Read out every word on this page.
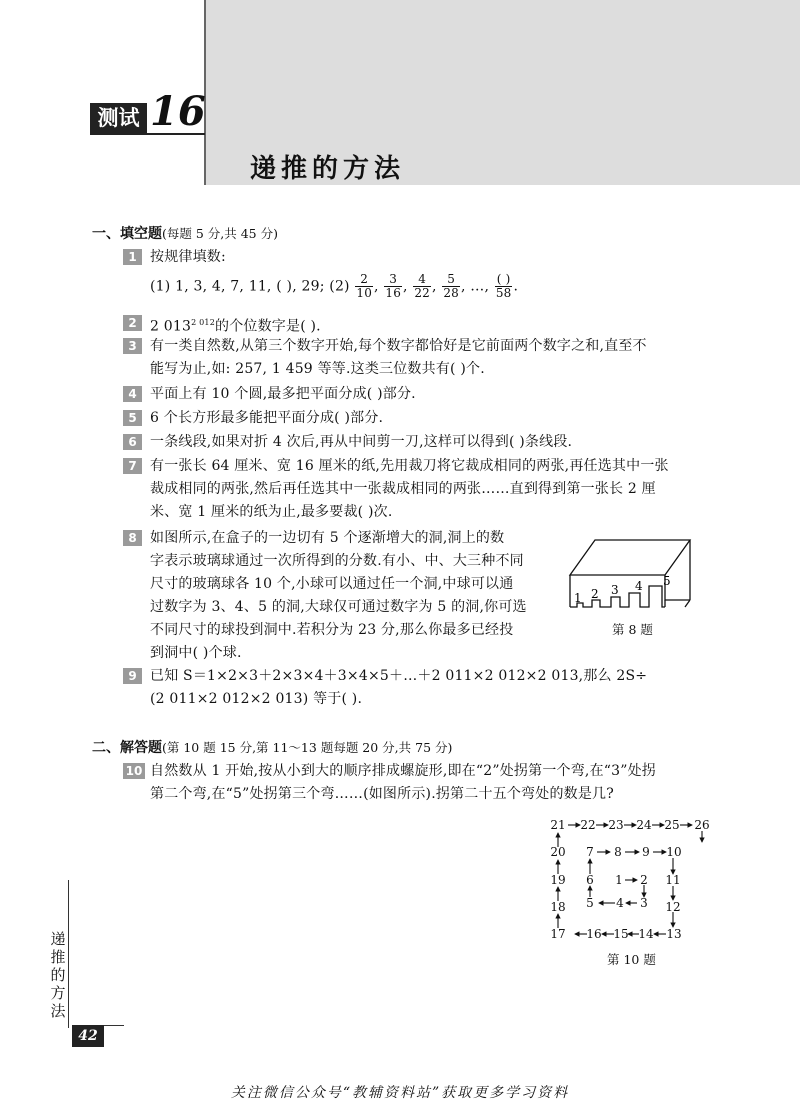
测试 16
递推的方法
一、填空题(每题 5 分,共 45 分)
1 按规律填数:
(1) 1, 3, 4, 7, 11, ( ), 29; $(2) \frac{2}{10}$ , $\frac{3}{16}$ , $\frac{4}{22}$ , $\frac{5}{28}$ , …, $\frac{( )}{58}$ .
2 2 $013^{2 012}$的个位数字是( ).
3 有一类自然数,从第三个数字开始,每个数字都恰好是它前面两个数字之和,直至不
能写为止,如: 257, 1 459 等等.这类三位数共有( )个.
4 平面上有 10 个圆,最多把平面分成( )部分.
5 6 个长方形最多能把平面分成( )部分.
6 一条线段,如果对折 4 次后,再从中间剪一刀,这样可以得到( )条线段.
7 有一张长 64 厘米、宽 16 厘米的纸,先用裁刀将它裁成相同的两张,再任选其中一张
裁成相同的两张,然后再任选其中一张裁成相同的两张……直到得到第一张长 2 厘
米、宽 1 厘米的纸为止,最多要裁( )次.
8 如图所示,在盒子的一边切有 5 个逐渐增大的洞,洞上的数
字表示玻璃球通过一次所得到的分数.有小、中、大三种不同
尺寸的玻璃球各 10 个,小球可以通过任一个洞,中球可以通
过数字为 3、4、5 的洞,大球仅可通过数字为 5 的洞,你可选
不同尺寸的球投到洞中.若积分为 23 分,那么你最多已经投
到洞中( )个球.
1 2 3 4 5
第 8 题
9 已知 S＝1×2×3＋2×3×4＋3×4×5＋…＋2 011×2 012×2 013,那么 2S÷
(2 011×2 012×2 013) 等于( ).
二、解答题(第 10 题 15 分,第 11～13 题每题 20 分,共 75 分)
10 自然数从 1 开始,按从小到大的顺序排成螺旋形,即在“2”处拐第一个弯,在“3”处拐
第二个弯,在“5”处拐第三个弯……(如图所示).拐第二十五个弯处的数是几?
1 2
3
4
5
6
7 8 9 10
11
12
13
14
15
16
17
18
19
20
21 22 23 24 25 26
第 10 题
递
推
的
方
法
42
关注微信公众号“教辅资料站”获取更多学习资料
